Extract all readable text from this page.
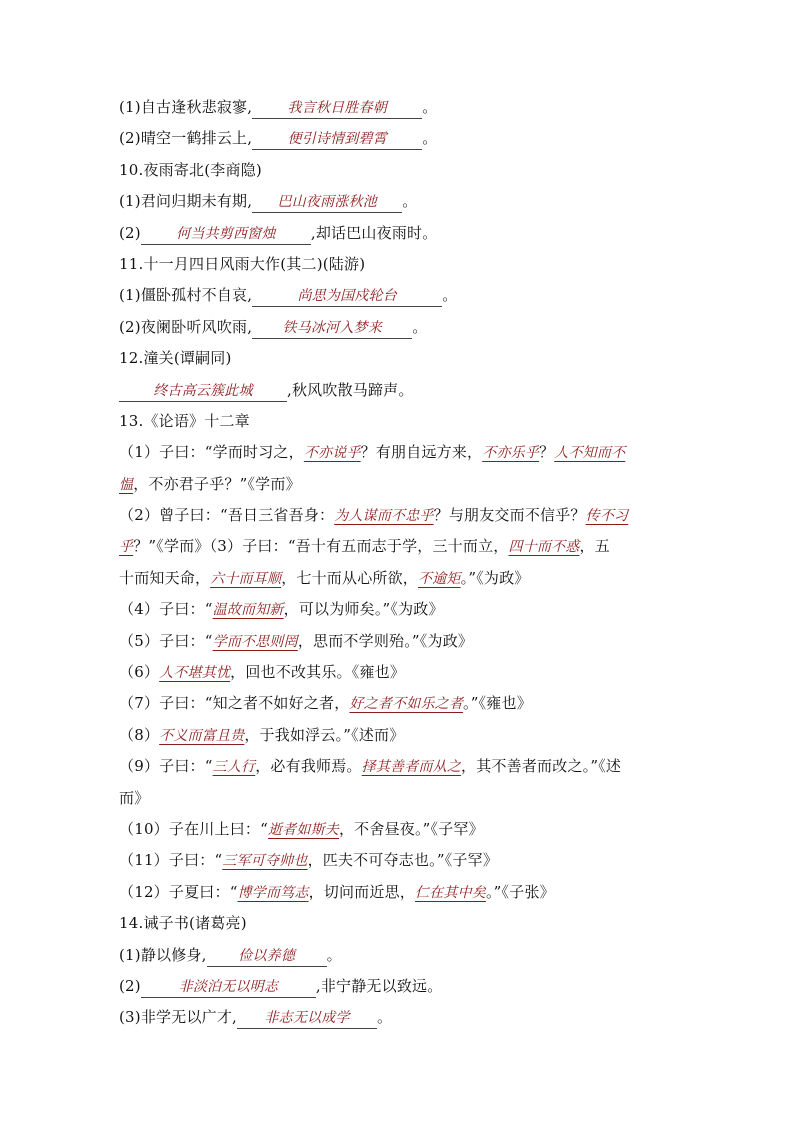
(1)自古逢秋悲寂寥,	我言秋日胜春朝 。
(2)晴空一鹤排云上,	便引诗情到碧霄 。
10.夜雨寄北(李商隐)
(1)君问归期未有期, 巴山夜雨涨秋池 。
(2)	何当共剪西窗烛 ,却话巴山夜雨时。
11.十一月四日风雨大作(其二)(陆游)
(1)僵卧孤村不自哀,	尚思为国戍轮台	。
(2)夜阑卧听风吹雨, 铁马冰河入梦来 。
12.潼关(谭嗣同)
终古高云簇此城 ,秋风吹散马蹄声。
13.《论语》十二章
（1）子曰：“学而时习之，不亦说乎？有朋自远方来，不亦乐乎？人不知而不
愠，不亦君子乎？”《学而》
（2）曾子曰：“吾日三省吾身：为人谋而不忠乎？与朋友交而不信乎？传不习
乎？”《学而》（3）子曰：“吾十有五而志于学，三十而立，四十而不惑，五
十而知天命，六十而耳顺，七十而从心所欲，不逾矩。”《为政》
（4）子曰：“温故而知新，可以为师矣。”《为政》
（5）子曰：“学而不思则罔，思而不学则殆。”《为政》
（6）人不堪其忧，回也不改其乐。《雍也》
（7）子曰：“知之者不如好之者，好之者不如乐之者。”《雍也》
（8）不义而富且贵，于我如浮云。”《述而》
（9）子曰：“三人行，必有我师焉。择其善者而从之，其不善者而改之。”《述
而》
（10）子在川上曰：“逝者如斯夫，不舍昼夜。”《子罕》
（11）子曰：“三军可夺帅也，匹夫不可夺志也。”《子罕》
（12）子夏曰：“博学而笃志，切问而近思，仁在其中矣。”《子张》
14.诫子书(诸葛亮)
(1)静以修身, 俭以养德 。
(2)	非淡泊无以明志	,非宁静无以致远。
(3)非学无以广才, 非志无以成学 。
